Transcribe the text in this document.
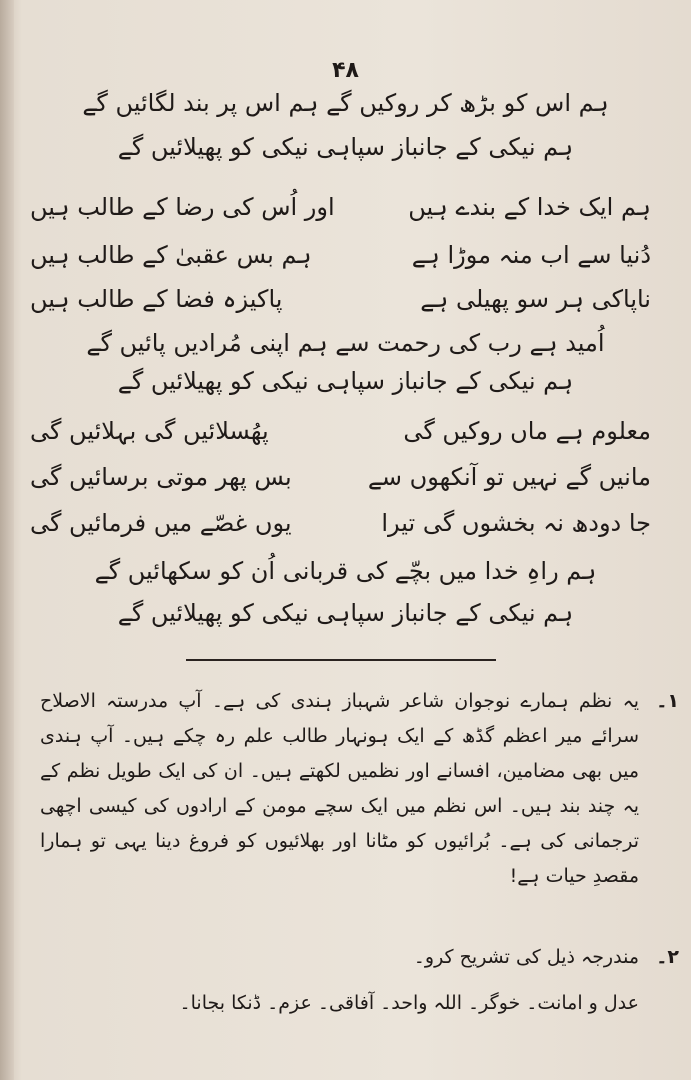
۴۸
ہم اس کو بڑھ کر روکیں گے ہم اس پر بند لگائیں گے
ہم نیکی کے جانباز سپاہی نیکی کو پھیلائیں گے
ہم ایک خدا کے بندے ہیں
اور اُس کی رضا کے طالب ہیں
دُنیا سے اب منہ موڑا ہے
ہم بس عقبیٰ کے طالب ہیں
ناپاکی ہر سو پھیلی ہے
پاکیزہ فضا کے طالب ہیں
اُمید ہے رب کی رحمت سے ہم اپنی مُرادیں پائیں گے
ہم نیکی کے جانباز سپاہی نیکی کو پھیلائیں گے
معلوم ہے ماں روکیں گی
پھُسلائیں گی بہلائیں گی
مانیں گے نہیں تو آنکھوں سے
بس پھر موتی برسائیں گی
جا دودھ نہ بخشوں گی تیرا
یوں غصّے میں فرمائیں گی
ہم راہِ خدا میں بچّے کی قربانی اُن کو سکھائیں گے
ہم نیکی کے جانباز سپاہی نیکی کو پھیلائیں گے
۱۔
یہ نظم ہمارے نوجوان شاعر شہباز ہندی کی ہے۔ آپ مدرستہ الاصلاح سرائے میر اعظم گڈھ کے ایک ہونہار طالب علم رہ چکے ہیں۔ آپ ہندی میں بھی مضامین، افسانے اور نظمیں لکھتے ہیں۔ ان کی ایک طویل نظم کے یہ چند بند ہیں۔ اس نظم میں ایک سچے مومن کے ارادوں کی کیسی اچھی ترجمانی کی ہے۔ بُرائیوں کو مٹانا اور بھلائیوں کو فروغ دینا یہی تو ہمارا مقصدِ حیات ہے!
۲۔
مندرجہ ذیل کی تشریح کرو۔
عدل و امانت۔ خوگر۔ اللہ واحد۔ آفاقی۔ عزم۔ ڈنکا بجانا۔
